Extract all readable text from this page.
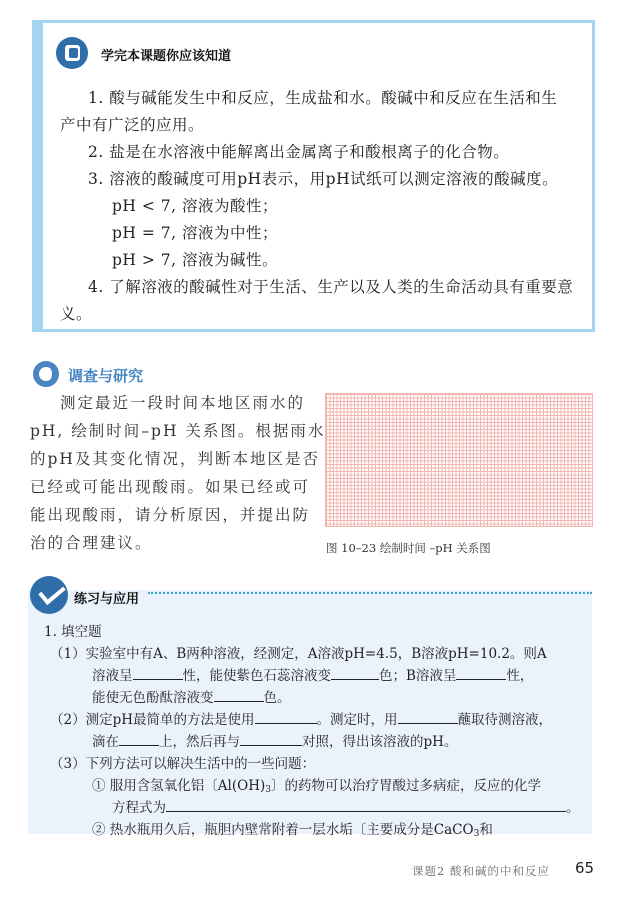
学完本课题你应该知道
1. 酸与碱能发生中和反应，生成盐和水。酸碱中和反应在生活和生
产中有广泛的应用。
2. 盐是在水溶液中能解离出金属离子和酸根离子的化合物。
3. 溶液的酸碱度可用pH表示，用pH试纸可以测定溶液的酸碱度。
pH < 7, 溶液为酸性；
pH = 7, 溶液为中性；
pH > 7, 溶液为碱性。
4. 了解溶液的酸碱性对于生活、生产以及人类的生命活动具有重要意
义。
调查与研究
测定最近一段时间本地区雨水的
pH, 绘制时间–pH 关系图。根据雨水
的pH及其变化情况，判断本地区是否
已经或可能出现酸雨。如果已经或可
能出现酸雨，请分析原因，并提出防
治的合理建议。	图 10–23 绘制时间 –pH 关系图
练习与应用
1. 填空题
（1）实验室中有A、B两种溶液，经测定，A溶液pH=4.5，B溶液pH=10.2。则A
溶液呈	性，能使紫色石蕊溶液变	色；B溶液呈	性，
能使无色酚酞溶液变	色。
（2）测定pH最简单的方法是使用	。测定时，用	蘸取待测溶液，
滴在	上，然后再与	对照，得出该溶液的pH。
（3）下列方法可以解决生活中的一些问题：
① 服用含氢氧化铝〔$Al(OH)_3$〕的药物可以治疗胃酸过多病症，反应的化学
方程式为	。
② 热水瓶用久后，瓶胆内壁常附着一层水垢〔主要成分是CaCO$_3$和
课题2 酸和碱的中和反应 65
